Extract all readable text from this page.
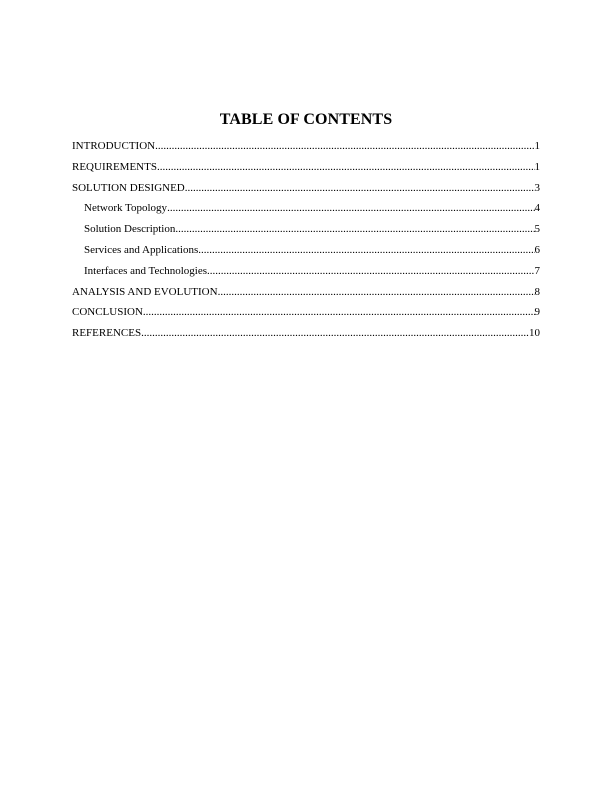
TABLE OF CONTENTS
INTRODUCTION .....	1
REQUIREMENTS .....	1
SOLUTION DESIGNED .....	3
Network Topology .....	4
Solution Description .....	5
Services and Applications .....	6
Interfaces and Technologies .....	7
ANALYSIS AND EVOLUTION .....	8
CONCLUSION .....	9
REFERENCES .....	10
